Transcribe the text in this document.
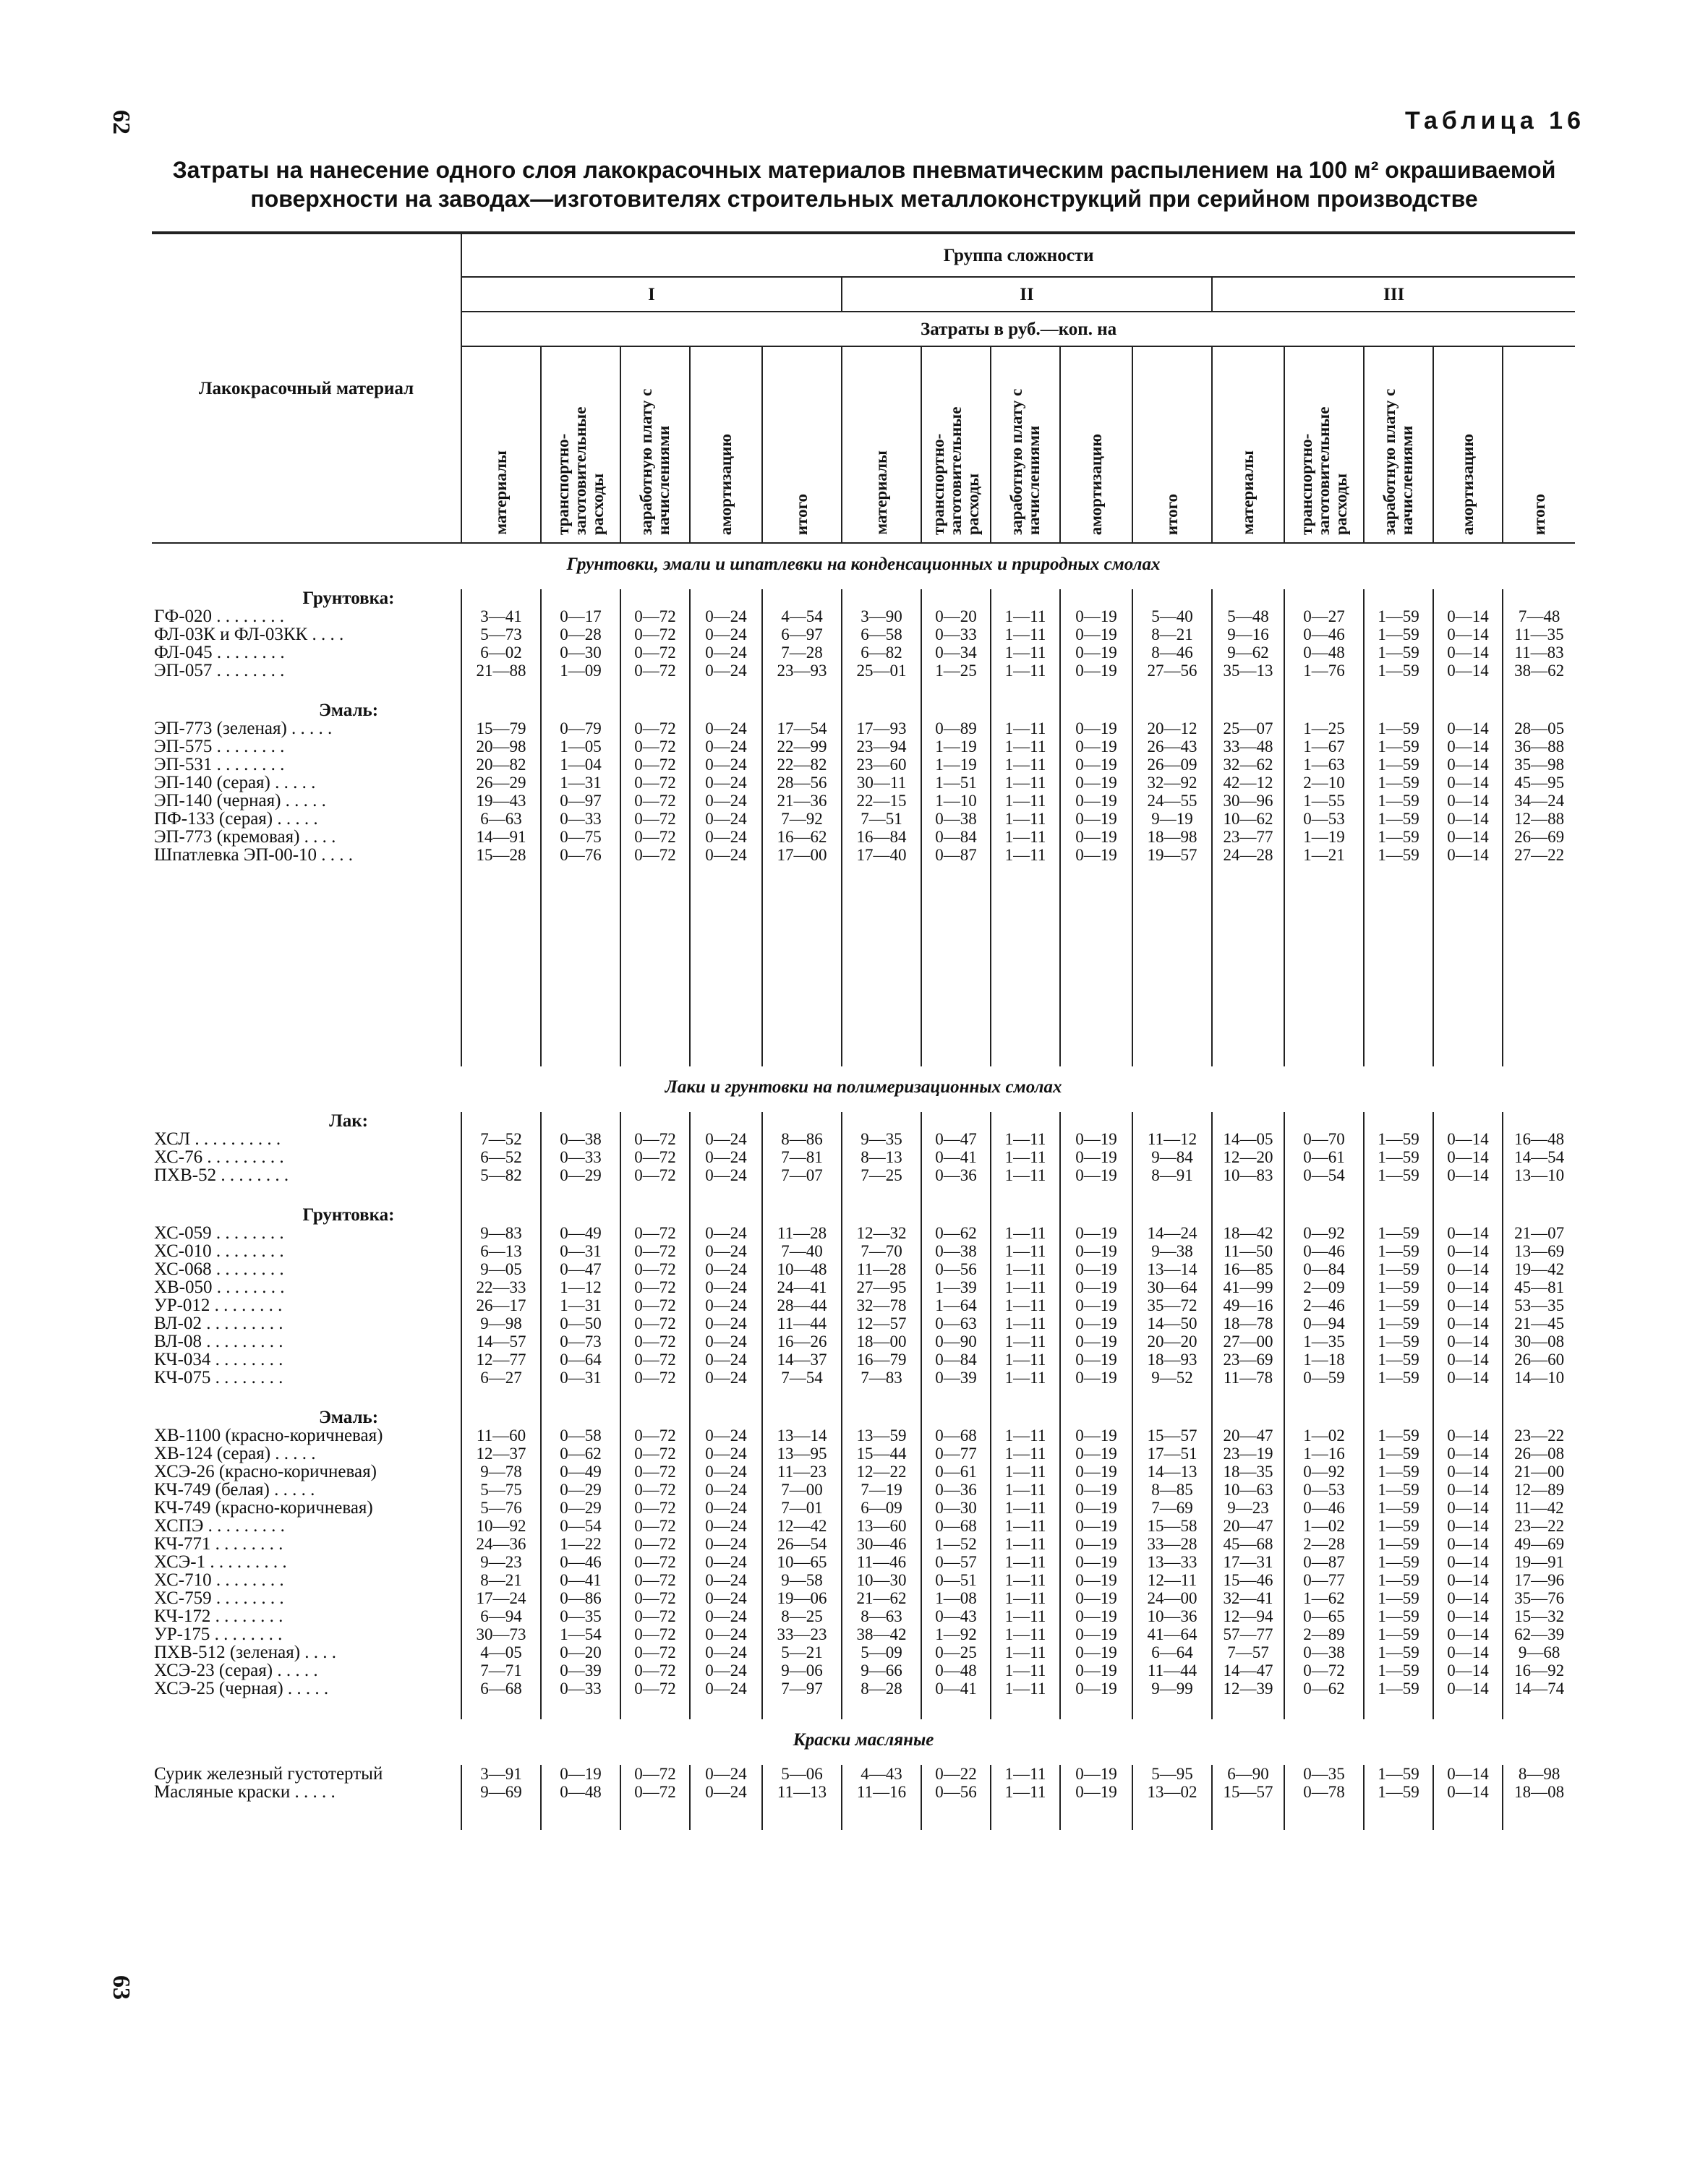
62	Таблица 16
Затраты на нанесение одного слоя лакокрасочных материалов пневматическим распылением на 100 м² окрашиваемой поверхности на заводах—изготовителях строительных металлоконструкций при серийном производстве
Лакокрасочный материал	Группа сложности														
	I					II					III				
	Затраты в руб.—коп. на														

	материалы	транспортно-заготовительные расходы	заработную плату с начислениями	амортизацию	итого	материалы	транспортно-заготовительные расходы	заработную плату с начислениями	амортизацию	итого	материалы	транспортно-заготовительные расходы	заработную плату с начислениями	амортизацию	итого

Грунтовки, эмали и шпатлевки на конденсационных и природных смолах															
Грунтовка:															
ГФ-020 . . . . . . . .	3—41	0—17	0—72	0—24	4—54	3—90	0—20	1—11	0—19	5—40	5—48	0—27	1—59	0—14	7—48
ФЛ-03К и ФЛ-03КК . . . .	5—73	0—28	0—72	0—24	6—97	6—58	0—33	1—11	0—19	8—21	9—16	0—46	1—59	0—14	11—35
ФЛ-045 . . . . . . . .	6—02	0—30	0—72	0—24	7—28	6—82	0—34	1—11	0—19	8—46	9—62	0—48	1—59	0—14	11—83
ЭП-057 . . . . . . . .	21—88	1—09	0—72	0—24	23—93	25—01	1—25	1—11	0—19	27—56	35—13	1—76	1—59	0—14	38—62

Эмаль:															
ЭП-773 (зеленая) . . . . .	15—79	0—79	0—72	0—24	17—54	17—93	0—89	1—11	0—19	20—12	25—07	1—25	1—59	0—14	28—05
ЭП-575 . . . . . . . .	20—98	1—05	0—72	0—24	22—99	23—94	1—19	1—11	0—19	26—43	33—48	1—67	1—59	0—14	36—88
ЭП-531 . . . . . . . .	20—82	1—04	0—72	0—24	22—82	23—60	1—19	1—11	0—19	26—09	32—62	1—63	1—59	0—14	35—98
ЭП-140 (серая) . . . . .	26—29	1—31	0—72	0—24	28—56	30—11	1—51	1—11	0—19	32—92	42—12	2—10	1—59	0—14	45—95
ЭП-140 (черная) . . . . .	19—43	0—97	0—72	0—24	21—36	22—15	1—10	1—11	0—19	24—55	30—96	1—55	1—59	0—14	34—24
ПФ-133 (серая) . . . . .	6—63	0—33	0—72	0—24	7—92	7—51	0—38	1—11	0—19	9—19	10—62	0—53	1—59	0—14	12—88
ЭП-773 (кремовая) . . . .	14—91	0—75	0—72	0—24	16—62	16—84	0—84	1—11	0—19	18—98	23—77	1—19	1—59	0—14	26—69
Шпатлевка ЭП-00-10 . . . .	15—28	0—76	0—72	0—24	17—00	17—40	0—87	1—11	0—19	19—57	24—28	1—21	1—59	0—14	27—22

Лаки и грунтовки на полимеризационных смолах															
Лак:															
ХСЛ . . . . . . . . . .	7—52	0—38	0—72	0—24	8—86	9—35	0—47	1—11	0—19	11—12	14—05	0—70	1—59	0—14	16—48
ХС-76 . . . . . . . . .	6—52	0—33	0—72	0—24	7—81	8—13	0—41	1—11	0—19	9—84	12—20	0—61	1—59	0—14	14—54
ПХВ-52 . . . . . . . .	5—82	0—29	0—72	0—24	7—07	7—25	0—36	1—11	0—19	8—91	10—83	0—54	1—59	0—14	13—10

Грунтовка:															
ХС-059 . . . . . . . .	9—83	0—49	0—72	0—24	11—28	12—32	0—62	1—11	0—19	14—24	18—42	0—92	1—59	0—14	21—07
ХС-010 . . . . . . . .	6—13	0—31	0—72	0—24	7—40	7—70	0—38	1—11	0—19	9—38	11—50	0—46	1—59	0—14	13—69
ХС-068 . . . . . . . .	9—05	0—47	0—72	0—24	10—48	11—28	0—56	1—11	0—19	13—14	16—85	0—84	1—59	0—14	19—42
ХВ-050 . . . . . . . .	22—33	1—12	0—72	0—24	24—41	27—95	1—39	1—11	0—19	30—64	41—99	2—09	1—59	0—14	45—81
УР-012 . . . . . . . .	26—17	1—31	0—72	0—24	28—44	32—78	1—64	1—11	0—19	35—72	49—16	2—46	1—59	0—14	53—35
ВЛ-02 . . . . . . . . .	9—98	0—50	0—72	0—24	11—44	12—57	0—63	1—11	0—19	14—50	18—78	0—94	1—59	0—14	21—45
ВЛ-08 . . . . . . . . .	14—57	0—73	0—72	0—24	16—26	18—00	0—90	1—11	0—19	20—20	27—00	1—35	1—59	0—14	30—08
КЧ-034 . . . . . . . .	12—77	0—64	0—72	0—24	14—37	16—79	0—84	1—11	0—19	18—93	23—69	1—18	1—59	0—14	26—60
КЧ-075 . . . . . . . .	6—27	0—31	0—72	0—24	7—54	7—83	0—39	1—11	0—19	9—52	11—78	0—59	1—59	0—14	14—10

Эмаль:															
ХВ-1100 (красно-коричневая)	11—60	0—58	0—72	0—24	13—14	13—59	0—68	1—11	0—19	15—57	20—47	1—02	1—59	0—14	23—22
ХВ-124 (серая) . . . . .	12—37	0—62	0—72	0—24	13—95	15—44	0—77	1—11	0—19	17—51	23—19	1—16	1—59	0—14	26—08
ХСЭ-26 (красно-коричневая)	9—78	0—49	0—72	0—24	11—23	12—22	0—61	1—11	0—19	14—13	18—35	0—92	1—59	0—14	21—00
КЧ-749 (белая) . . . . .	5—75	0—29	0—72	0—24	7—00	7—19	0—36	1—11	0—19	8—85	10—63	0—53	1—59	0—14	12—89
КЧ-749 (красно-коричневая)	5—76	0—29	0—72	0—24	7—01	6—09	0—30	1—11	0—19	7—69	9—23	0—46	1—59	0—14	11—42
ХСПЭ . . . . . . . . .	10—92	0—54	0—72	0—24	12—42	13—60	0—68	1—11	0—19	15—58	20—47	1—02	1—59	0—14	23—22
КЧ-771 . . . . . . . .	24—36	1—22	0—72	0—24	26—54	30—46	1—52	1—11	0—19	33—28	45—68	2—28	1—59	0—14	49—69
ХСЭ-1 . . . . . . . . .	9—23	0—46	0—72	0—24	10—65	11—46	0—57	1—11	0—19	13—33	17—31	0—87	1—59	0—14	19—91
ХС-710 . . . . . . . .	8—21	0—41	0—72	0—24	9—58	10—30	0—51	1—11	0—19	12—11	15—46	0—77	1—59	0—14	17—96
ХС-759 . . . . . . . .	17—24	0—86	0—72	0—24	19—06	21—62	1—08	1—11	0—19	24—00	32—41	1—62	1—59	0—14	35—76
КЧ-172 . . . . . . . .	6—94	0—35	0—72	0—24	8—25	8—63	0—43	1—11	0—19	10—36	12—94	0—65	1—59	0—14	15—32
УР-175 . . . . . . . .	30—73	1—54	0—72	0—24	33—23	38—42	1—92	1—11	0—19	41—64	57—77	2—89	1—59	0—14	62—39
ПХВ-512 (зеленая) . . . .	4—05	0—20	0—72	0—24	5—21	5—09	0—25	1—11	0—19	6—64	7—57	0—38	1—59	0—14	9—68
ХСЭ-23 (серая) . . . . .	7—71	0—39	0—72	0—24	9—06	9—66	0—48	1—11	0—19	11—44	14—47	0—72	1—59	0—14	16—92
ХСЭ-25 (черная) . . . . .	6—68	0—33	0—72	0—24	7—97	8—28	0—41	1—11	0—19	9—99	12—39	0—62	1—59	0—14	14—74

Краски масляные															
Сурик железный густотертый	3—91	0—19	0—72	0—24	5—06	4—43	0—22	1—11	0—19	5—95	6—90	0—35	1—59	0—14	8—98
Масляные краски . . . . .	9—69	0—48	0—72	0—24	11—13	11—16	0—56	1—11	0—19	13—02	15—57	0—78	1—59	0—14	18—08

63
